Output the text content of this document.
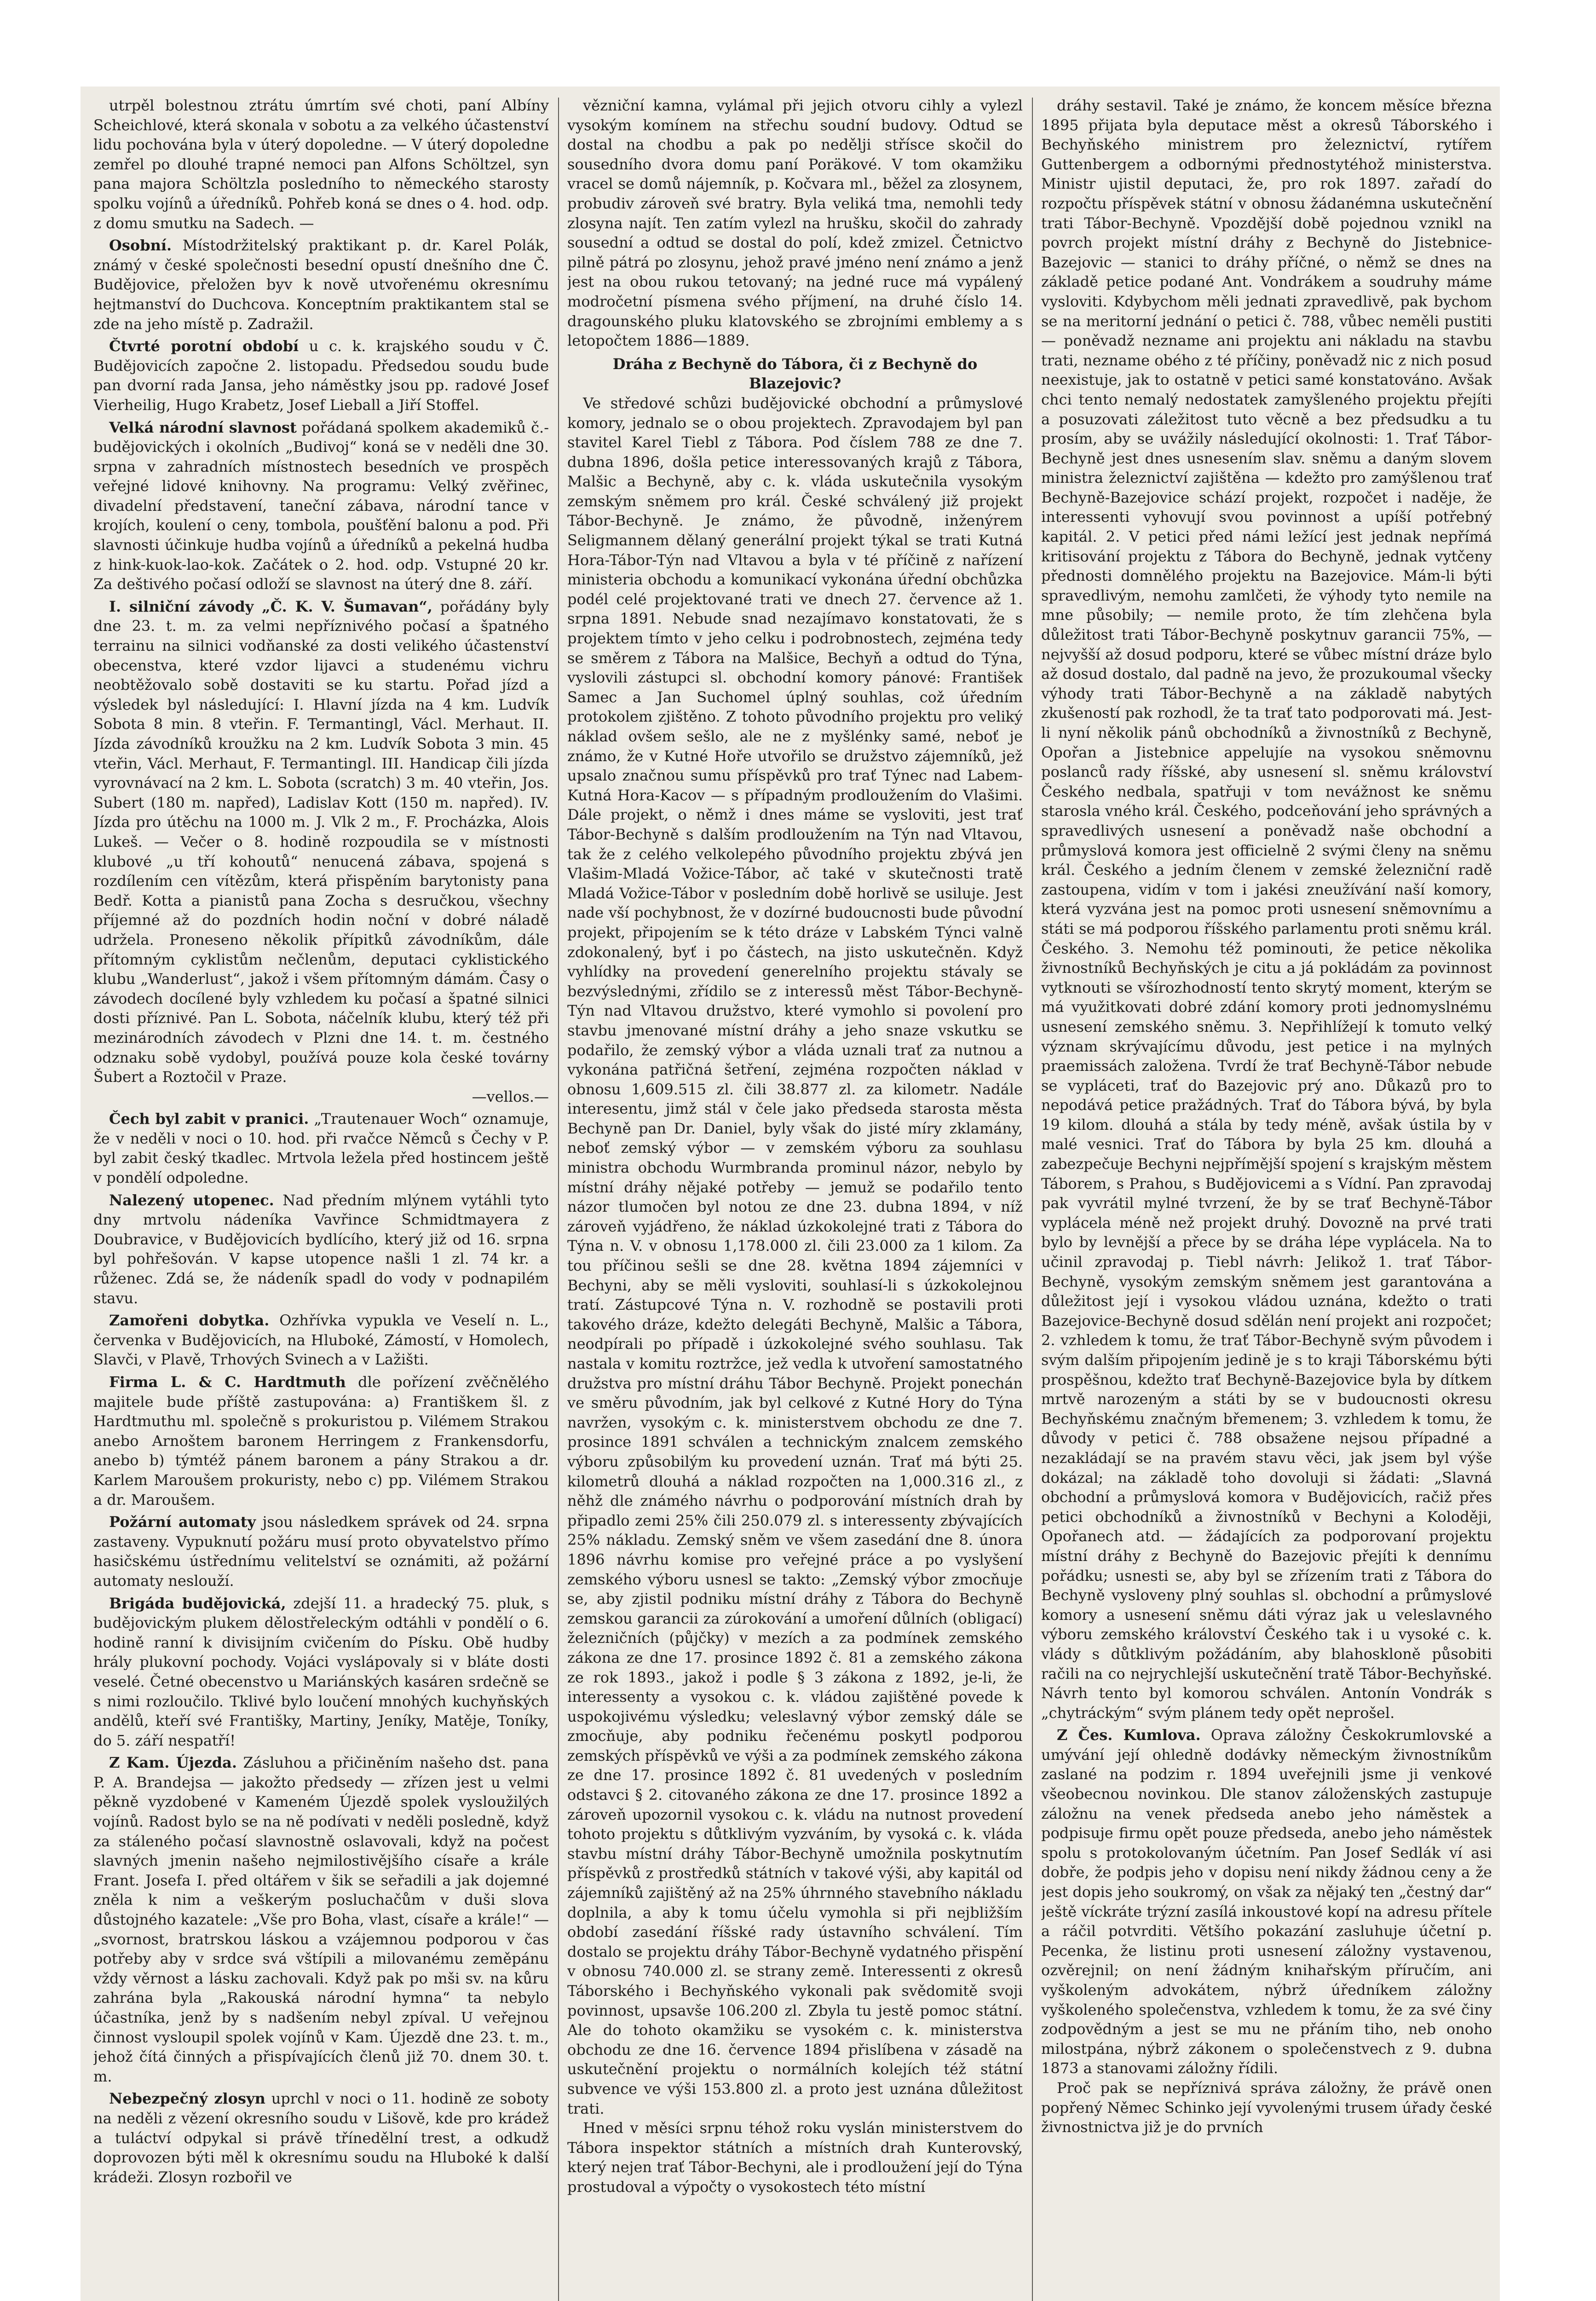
utrpěl bolestnou ztrátu úmrtím své choti, paní Albíny Scheichlové, která skonala v sobotu a za velkého účastenství lidu pochována byla v úterý dopoledne. — V úterý dopoledne zemřel po dlouhé trapné nemoci pan Alfons Schöltzel, syn pana majora Schöltzla posledního to německého starosty spolku vojínů a úředníků. Pohřeb koná se dnes o 4. hod. odp. z domu smutku na Sadech. —

Osobní. Místodržitelský praktikant p. dr. Karel Polák, známý v české společnosti besední opustí dnešního dne Č. Budějovice, přeložen byv k nově utvořenému okresnímu hejtmanství do Duchcova. Konceptním praktikantem stal se zde na jeho místě p. Zadražil.

Čtvrté porotní období u c. k. krajského soudu v Č. Budějovicích započne 2. listopadu. Předsedou soudu bude pan dvorní rada Jansa, jeho náměstky jsou pp. radové Josef Vierheilig, Hugo Krabetz, Josef Lieball a Jiří Stoffel.

Velká národní slavnost pořádaná spolkem akademiků č.-budějovických i okolních „Budivoj“ koná se v neděli dne 30. srpna v zahradních místnostech besedních ve prospěch veřejné lidové knihovny. Na programu: Velký zvěřinec, divadelní představení, taneční zábava, národní tance v krojích, koulení o ceny, tombola, poušťění balonu a pod. Při slavnosti účinkuje hudba vojínů a úředníků a pekelná hudba z hink-kuok-lao-kok. Začátek o 2. hod. odp. Vstupné 20 kr. Za deštivého počasí odloží se slavnost na úterý dne 8. září.

I. silniční závody „Č. K. V. Šumavan“, pořádány byly dne 23. t. m. za velmi nepříznivého počasí a špatného terrainu na silnici vodňanské za dosti velikého účastenství obecenstva, které vzdor lijavci a studenému vichru neobtěžovalo sobě dostaviti se ku startu. Pořad jízd a výsledek byl následující: I. Hlavní jízda na 4 km. Ludvík Sobota 8 min. 8 vteřin. F. Termantingl, Václ. Merhaut. II. Jízda závodníků kroužku na 2 km. Ludvík Sobota 3 min. 45 vteřin, Václ. Merhaut, F. Termantingl. III. Handicap čili jízda vyrovnávací na 2 km. L. Sobota (scratch) 3 m. 40 vteřin, Jos. Subert (180 m. napřed), Ladislav Kott (150 m. napřed). IV. Jízda pro útěchu na 1000 m. J. Vlk 2 m., F. Procházka, Alois Lukeš. — Večer o 8. hodině rozpoudila se v místnosti klubové „u tří kohoutů“ nenucená zábava, spojená s rozdílením cen vítězům, která přispěním barytonisty pana Bedř. Kotta a pianistů pana Zocha s desručkou, všechny příjemné až do pozdních hodin noční v dobré náladě udržela. Proneseno několik přípitků závodníkům, dále přítomným cyklistům nečlenům, deputaci cyklistického klubu „Wanderlust“, jakož i všem přítomným dámám. Časy o závodech docílené byly vzhledem ku počasí a špatné silnici dosti příznivé. Pan L. Sobota, náčelník klubu, který též při mezinárodních závodech v Plzni dne 14. t. m. čestného odznaku sobě vydobyl, používá pouze kola české továrny Šubert a Roztočil v Praze.

—vellos.—

Čech byl zabit v pranici. „Trautenauer Woch“ oznamuje, že v neděli v noci o 10. hod. při rvačce Němců s Čechy v P. byl zabit český tkadlec. Mrtvola ležela před hostincem ještě v pondělí odpoledne.

Nalezený utopenec. Nad předním mlýnem vytáhli tyto dny mrtvolu nádeníka Vavřince Schmidtmayera z Doubravice, v Budějovicích bydlícího, který již od 16. srpna byl pohřešován. V kapse utopence našli 1 zl. 74 kr. a růženec. Zdá se, že nádeník spadl do vody v podnapilém stavu.

Zamořeni dobytka. Ozhřívka vypukla ve Veselí n. L., červenka v Budějovicích, na Hluboké, Zámostí, v Homolech, Slavči, v Plavě, Trhových Svinech a v Lažišti.

Firma L. & C. Hardtmuth dle pořízení zvěčnělého majitele bude příště zastupována: a) Františkem šl. z Hardtmuthu ml. společně s prokuristou p. Vilémem Strakou anebo Arnoštem baronem Herringem z Frankensdorfu, anebo b) týmtéž pánem baronem a pány Strakou a dr. Karlem Maroušem prokuristy, nebo c) pp. Vilémem Strakou a dr. Maroušem.

Požární automaty jsou následkem správek od 24. srpna zastaveny. Vypuknutí požáru musí proto obyvatelstvo přímo hasičskému ústřednímu velitelství se oznámiti, až požární automaty neslouží.

Brigáda budějovická, zdejší 11. a hradecký 75. pluk, s budějovickým plukem dělostřeleckým odtáhli v pondělí o 6. hodině ranní k divisijním cvičením do Písku. Obě hudby hrály plukovní pochody. Vojáci vyslápovaly si v bláte dosti veselé. Četné obecenstvo u Mariánských kasáren srdečně se s nimi rozloučilo. Tklivé bylo loučení mnohých kuchyňských andělů, kteří své Františky, Martiny, Jeníky, Matěje, Toníky, do 5. září nespatří!

Z Kam. Újezda. Zásluhou a přičiněním našeho dst. pana P. A. Brandejsa — jakožto předsedy — zřízen jest u velmi pěkně vyzdobené v Kameném Újezdě spolek vysloužilých vojínů. Radost bylo se na ně podívati v neděli posledně, když za stáleného počasí slavnostně oslavovali, když na počest slavných jmenin našeho nejmilostivějšího císaře a krále Frant. Josefa I. před oltářem v šik se seřadili a jak dojemné zněla k nim a veškerým posluchačům v duši slova důstojného kazatele: „Vše pro Boha, vlast, císaře a krále!“ — „svornost, bratrskou láskou a vzájemnou podporou v čas potřeby aby v srdce svá vštípili a milovanému zeměpánu vždy věrnost a lásku zachovali. Když pak po mši sv. na kůru zahrána byla „Rakouská národní hymna“ ta nebylo účastníka, jenž by s nadšením nebyl zpíval. U veřejnou činnost vysloupil spolek vojínů v Kam. Újezdě dne 23. t. m., jehož čítá činných a přispívajících členů již 70. dnem 30. t. m.

Nebezpečný zlosyn uprchl v noci o 11. hodině ze soboty na neděli z vězení okresního soudu v Lišově, kde pro krádež a tuláctví odpykal si právě třínedělní trest, a odkudž doprovozen býti měl k okresnímu soudu na Hluboké k další krádeži. Zlosyn rozbořil ve

vězniční kamna, vylámal při jejich otvoru cihly a vylezl vysokým komínem na střechu soudní budovy. Odtud se dostal na chodbu a pak po nedělji střísce skočil do sousedního dvora domu paní Poräkové. V tom okamžiku vracel se domů nájemník, p. Kočvara ml., běžel za zlosynem, probudiv zároveň své bratry. Byla veliká tma, nemohli tedy zlosyna najít. Ten zatím vylezl na hrušku, skočil do zahrady sousední a odtud se dostal do polí, kdež zmizel. Četnictvo pilně pátrá po zlosynu, jehož pravé jméno není známo a jenž jest na obou rukou tetovaný; na jedné ruce má vypálený modročetní písmena svého příjmení, na druhé číslo 14. dragounského pluku klatovského se zbrojními emblemy a s letopočtem 1886—1889.

Dráha z Bechyně do Tábora, či z Bechyně do Blazejovic?

Ve středové schůzi budějovické obchodní a průmyslové komory, jednalo se o obou projektech. Zpravodajem byl pan stavitel Karel Tiebl z Tábora. Pod číslem 788 ze dne 7. dubna 1896, došla petice interessovaných krajů z Tábora, Malšic a Bechyně, aby c. k. vláda uskutečnila vysokým zemským sněmem pro král. České schválený již projekt Tábor-Bechyně. Je známo, že původně, inženýrem Seligmannem dělaný generální projekt týkal se trati Kutná Hora-Tábor-Týn nad Vltavou a byla v té příčině z nařízení ministeria obchodu a komunikací vykonána úřední obchůzka podél celé projektované trati ve dnech 27. července až 1. srpna 1891. Nebude snad nezajímavo konstatovati, že s projektem tímto v jeho celku i podrobnostech, zejména tedy se směrem z Tábora na Malšice, Bechyň a odtud do Týna, vyslovili zástupci sl. obchodní komory pánové: František Samec a Jan Suchomel úplný souhlas, což úředním protokolem zjištěno. Z tohoto původního projektu pro veliký náklad ovšem sešlo, ale ne z myšlénky samé, neboť je známo, že v Kutné Hoře utvořilo se družstvo zájemníků, jež upsalo značnou sumu příspěvků pro trať Týnec nad Labem-Kutná Hora-Kacov — s případným prodloužením do Vlašimi. Dále projekt, o němž i dnes máme se vysloviti, jest trať Tábor-Bechyně s dalším prodloužením na Týn nad Vltavou, tak že z celého velkolepého původního projektu zbývá jen Vlašim-Mladá Vožice-Tábor, ač také v skutečnosti tratě Mladá Vožice-Tábor v posledním době horlivě se usiluje. Jest nade vší pochybnost, že v dozírné budoucnosti bude původní projekt, připojením se k této dráze v Labském Týnci valně zdokonalený, byť i po částech, na jisto uskutečněn. Když vyhlídky na provedení generelního projektu stávaly se bezvýslednými, zřídilo se z interessů měst Tábor-Bechyně-Týn nad Vltavou družstvo, které vymohlo si povolení pro stavbu jmenované místní dráhy a jeho snaze vskutku se podařilo, že zemský výbor a vláda uznali trať za nutnou a vykonána patřičná šetření, zejména rozpočten náklad v obnosu 1,609.515 zl. čili 38.877 zl. za kilometr. Nadále interesentu, jimž stál v čele jako předseda starosta města Bechyně pan Dr. Daniel, byly však do jisté míry zklamány, neboť zemský výbor — v zemském výboru za souhlasu ministra obchodu Wurmbranda prominul názor, nebylo by místní dráhy nějaké potřeby — jemuž se podařilo tento názor tlumočen byl notou ze dne 23. dubna 1894, v níž zároveň vyjádřeno, že náklad úzkokolejné trati z Tábora do Týna n. V. v obnosu 1,178.000 zl. čili 23.000 za 1 kilom. Za tou příčinou sešli se dne 28. května 1894 zájemníci v Bechyni, aby se měli vysloviti, souhlasí-li s úzkokolejnou tratí. Zástupcové Týna n. V. rozhodně se postavili proti takového dráze, kdežto delegáti Bechyně, Malšic a Tábora, neodpírali po případě i úzkokolejné svého souhlasu. Tak nastala v komitu roztržce, jež vedla k utvoření samostatného družstva pro místní dráhu Tábor Bechyně. Projekt ponechán ve směru původním, jak byl celkové z Kutné Hory do Týna navržen, vysokým c. k. ministerstvem obchodu ze dne 7. prosince 1891 schválen a technickým znalcem zemského výboru způsobilým ku provedení uznán. Trať má býti 25. kilometrů dlouhá a náklad rozpočten na 1,000.316 zl., z něhž dle známého návrhu o podporování místních drah by připadlo zemi 25% čili 250.079 zl. s interessenty zbývajících 25% nákladu. Zemský sněm ve všem zasedání dne 8. února 1896 návrhu komise pro veřejné práce a po vyslyšení zemského výboru usnesl se takto: „Zemský výbor zmocňuje se, aby zjistil podniku místní dráhy z Tábora do Bechyně zemskou garancii za zúrokování a umoření důlních (obligací) železničních (půjčky) v mezích a za podmínek zemského zákona ze dne 17. prosince 1892 č. 81 a zemského zákona ze rok 1893., jakož i podle § 3 zákona z 1892, je-li, že interessenty a vysokou c. k. vládou zajištěné povede k uspokojivému výsledku; veleslavný výbor zemský dále se zmocňuje, aby podniku řečenému poskytl podporou zemských příspěvků ve výši a za podmínek zemského zákona ze dne 17. prosince 1892 č. 81 uvedených v posledním odstavci § 2. citovaného zákona ze dne 17. prosince 1892 a zároveň upozornil vysokou c. k. vládu na nutnost provedení tohoto projektu s důtklivým vyzváním, by vysoká c. k. vláda stavbu místní dráhy Tábor-Bechyně umožnila poskytnutím příspěvků z prostředků státních v takové výši, aby kapitál od zájemníků zajištěný až na 25% úhrnného stavebního nákladu doplnila, a aby k tomu účelu vymohla si při nejbližším období zasedání říšské rady ústavního schválení. Tím dostalo se projektu dráhy Tábor-Bechyně vydatného přispění v obnosu 740.000 zl. se strany země. Interessenti z okresů Táborského i Bechyňského vykonali pak svědomitě svoji povinnost, upsavše 106.200 zl. Zbyla tu jestě pomoc státní. Ale do tohoto okamžiku se vysokém c. k. ministerstva obchodu ze dne 16. července 1894 přislíbena v zásadě na uskutečnění projektu o normálních kolejích též státní subvence ve výši 153.800 zl. a proto jest uznána důležitost trati.

Hned v měsíci srpnu téhož roku vyslán ministerstvem do Tábora inspektor státních a místních drah Kunterovský, který nejen trať Tábor-Bechyni, ale i prodloužení její do Týna prostudoval a výpočty o vysokostech této místní

dráhy sestavil. Také je známo, že koncem měsíce března 1895 přijata byla deputace měst a okresů Táborského i Bechyňského ministrem pro železnictví, rytířem Guttenbergem a odbornými přednostytéhož ministerstva. Ministr ujistil deputaci, že, pro rok 1897. zařadí do rozpočtu příspěvek státní v obnosu žádanémna uskutečnění trati Tábor-Bechyně. Vpozdější době pojednou vznikl na povrch projekt místní dráhy z Bechyně do Jistebnice-Bazejovic — stanici to dráhy příčné, o němž se dnes na základě petice podané Ant. Vondrákem a soudruhy máme vysloviti. Kdybychom měli jednati zpravedlivě, pak bychom se na meritorní jednání o petici č. 788, vůbec neměli pustiti — poněvadž nezname ani projektu ani nákladu na stavbu trati, nezname obého z té příčiny, poněvadž nic z nich posud neexistuje, jak to ostatně v petici samé konstatováno. Avšak chci tento nemalý nedostatek zamyšleného projektu přejíti a posuzovati záležitost tuto věcně a bez předsudku a tu prosím, aby se uvážily následující okolnosti: 1. Trať Tábor-Bechyně jest dnes usnesením slav. sněmu a daným slovem ministra železnictví zajištěna — kdežto pro zamýšlenou trať Bechyně-Bazejovice schází projekt, rozpočet i naděje, že interessenti vyhovují svou povinnost a upíší potřebný kapitál. 2. V petici před námi ležící jest jednak nepřímá kritisování projektu z Tábora do Bechyně, jednak vytčeny přednosti domnělého projektu na Bazejovice. Mám-li býti spravedlivým, nemohu zamlčeti, že výhody tyto nemile na mne působily; — nemile proto, že tím zlehčena byla důležitost trati Tábor-Bechyně poskytnuv garancii 75%, — nejvyšší až dosud podporu, které se vůbec místní dráze bylo až dosud dostalo, dal padně na jevo, že prozukoumal všecky výhody trati Tábor-Bechyně a na základě nabytých zkušeností pak rozhodl, že ta trať tato podporovati má. Jest-li nyní několik pánů obchodníků a živnostníků z Bechyně, Opořan a Jistebnice appelujíe na vysokou sněmovnu poslanců rady říšské, aby usnesení sl. sněmu království Českého nedbala, spatřuji v tom nevážnost ke sněmu starosla vného král. Českého, podceňování jeho správných a spravedlivých usnesení a poněvadž naše obchodní a průmyslová komora jest officielně 2 svými členy na sněmu král. Českého a jedním členem v zemské železniční radě zastoupena, vidím v tom i jakési zneužívání naší komory, která vyzvána jest na pomoc proti usnesení sněmovnímu a státi se má podporou říšského parlamentu proti sněmu král. Českého. 3. Nemohu též pominouti, že petice několika živnostníků Bechyňských je citu a já pokládám za povinnost vytknouti se všírozhodností tento skrytý moment, kterým se má využitkovati dobré zdání komory proti jednomyslnému usnesení zemského sněmu. 3. Nepřihlížejí k tomuto velký význam skrývajícímu důvodu, jest petice i na mylných praemissách založena. Tvrdí že trať Bechyně-Tábor nebude se vypláceti, trať do Bazejovic prý ano. Důkazů pro to nepodává petice pražádných. Trať do Tábora bývá, by byla 19 kilom. dlouhá a stála by tedy méně, avšak ústila by v malé vesnici. Trať do Tábora by byla 25 km. dlouhá a zabezpečuje Bechyni nejpřímější spojení s krajským městem Táborem, s Prahou, s Budějovicemi a s Vídní. Pan zpravodaj pak vyvrátil mylné tvrzení, že by se trať Bechyně-Tábor vyplácela méně než projekt druhý. Dovozně na prvé trati bylo by levnější a přece by se dráha lépe vyplácela. Na to učinil zpravodaj p. Tiebl návrh: Jelikož 1. trať Tábor-Bechyně, vysokým zemským sněmem jest garantována a důležitost její i vysokou vládou uznána, kdežto o trati Bazejovice-Bechyně dosud sdělán není projekt ani rozpočet; 2. vzhledem k tomu, že trať Tábor-Bechyně svým původem i svým dalším připojením jedině je s to kraji Táborskému býti prospěšnou, kdežto trať Bechyně-Bazejovice byla by dítkem mrtvě narozeným a státi by se v budoucnosti okresu Bechyňskému značným břemenem; 3. vzhledem k tomu, že důvody v petici č. 788 obsažene nejsou případné a nezakládají se na pravém stavu věci, jak jsem byl výše dokázal; na základě toho dovoluji si žádati: „Slavná obchodní a průmyslová komora v Budějovicích, račiž přes petici obchodníků a živnostníků v Bechyni a Koloději, Opořanech atd. — žádajících za podporovaní projektu místní dráhy z Bechyně do Bazejovic přejíti k dennímu pořádku; usnesti se, aby byl se zřízením trati z Tábora do Bechyně vysloveny plný souhlas sl. obchodní a průmyslové komory a usnesení sněmu dáti výraz jak u veleslavného výboru zemského království Českého tak i u vysoké c. k. vlády s důtklivým požádáním, aby blahoskloně působiti račili na co nejrychlejší uskutečnění tratě Tábor-Bechyňské. Návrh tento byl komorou schválen. Antonín Vondrák s „chytráckým“ svým plánem tedy opět neprošel.

Z Čes. Kumlova. Oprava záložny Českokrumlovské a umývání její ohledně dodávky německým živnostníkům zaslané na podzim r. 1894 uveřejnili jsme ji venkové všeobecnou novinkou. Dle stanov záloženských zastupuje záložnu na venek předseda anebo jeho náměstek a podpisuje firmu opět pouze předseda, anebo jeho náměstek spolu s protokolovaným účetním. Pan Josef Sedlák ví asi dobře, že podpis jeho v dopisu není nikdy žádnou ceny a že jest dopis jeho soukromý, on však za nějaký ten „čestný dar“ ještě víckráte trýzní zasílá inkoustové kopí na adresu přítele a ráčil potvrditi. Většího pokazání zasluhuje účetní p. Pecenka, že listinu proti usnesení záložny vystavenou, ozvěrejnil; on není žádným knihařským příručím, ani vyškoleným advokátem, nýbrž úředníkem záložny vyškoleného společenstva, vzhledem k tomu, že za své činy zodpovědným a jest se mu ne přáním tiho, neb onoho milostpána, nýbrž zákonem o společenstvech z 9. dubna 1873 a stanovami záložny řídili.

Proč pak se nepříznivá správa záložny, že právě onen popřený Němec Schinko její vyvolenými trusem úřady české živnostnictva již je do prvních
